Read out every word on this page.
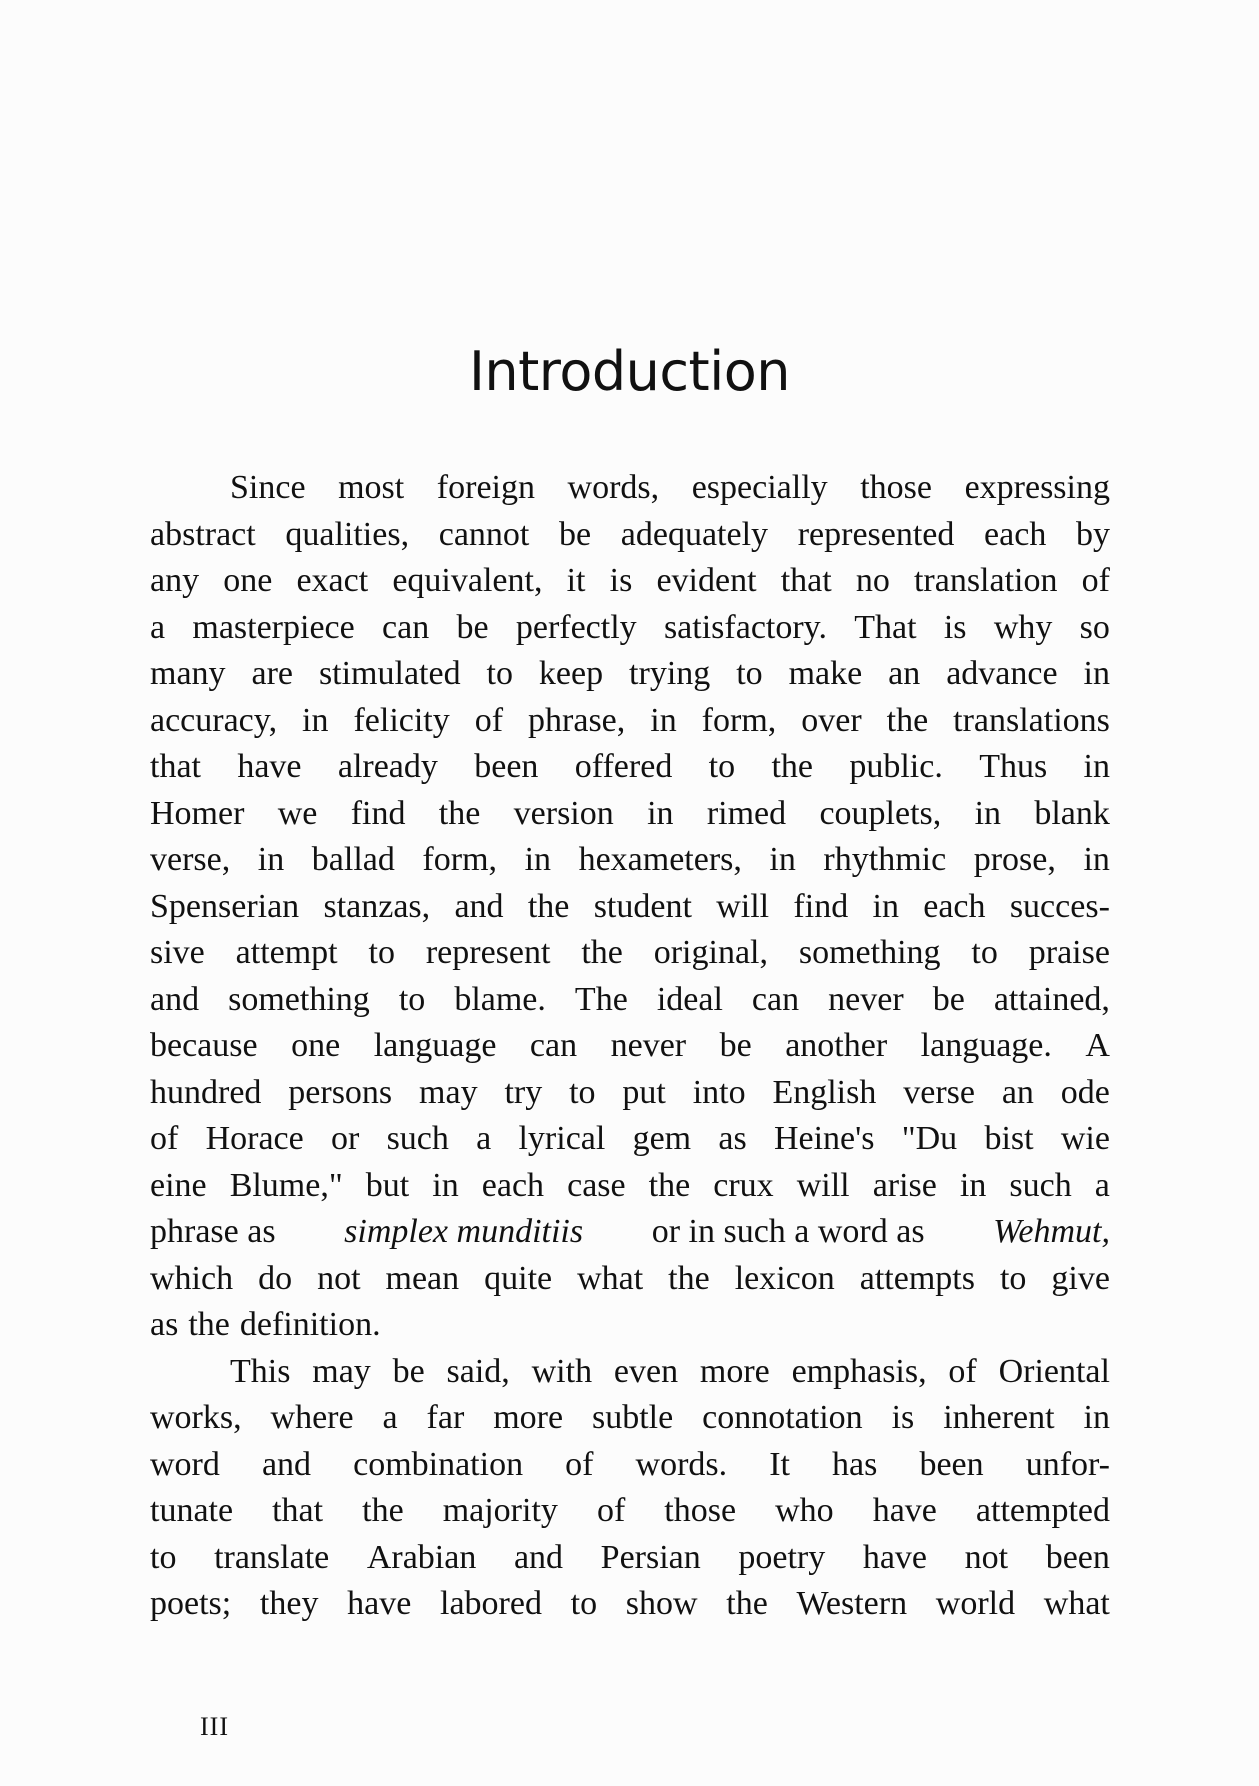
Introduction
Since most foreign words, especially those expressing
abstract qualities, cannot be adequately represented each by
any one exact equivalent, it is evident that no translation of
a masterpiece can be perfectly satisfactory. That is why so
many are stimulated to keep trying to make an advance in
accuracy, in felicity of phrase, in form, over the translations
that have already been offered to the public. Thus in
Homer we find the version in rimed couplets, in blank
verse, in ballad form, in hexameters, in rhythmic prose, in
Spenserian stanzas, and the student will find in each succes-
sive attempt to represent the original, something to praise
and something to blame. The ideal can never be attained,
because one language can never be another language. A
hundred persons may try to put into English verse an ode
of Horace or such a lyrical gem as Heine's "Du bist wie
eine Blume," but in each case the crux will arise in such a
phrase as simplex munditiis or in such a word as Wehmut,
which do not mean quite what the lexicon attempts to give
as the definition.
This may be said, with even more emphasis, of Oriental
works, where a far more subtle connotation is inherent in
word and combination of words. It has been unfor-
tunate that the majority of those who have attempted
to translate Arabian and Persian poetry have not been
poets; they have labored to show the Western world what
III
